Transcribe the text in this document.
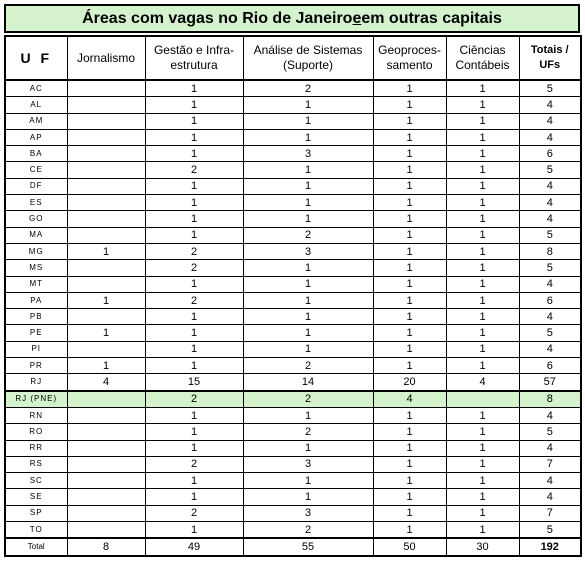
Áreas com vagas no Rio de Janeiro e em outras capitais
U F	Jornalismo	Gestão e Infra-estrutura	Análise de Sistemas (Suporte)	Geoproces- samento	Ciências Contábeis	Totais / UFs
AC		1	2	1	1	5
AL		1	1	1	1	4
AM		1	1	1	1	4
AP		1	1	1	1	4
BA		1	3	1	1	6
CE		2	1	1	1	5
DF		1	1	1	1	4
ES		1	1	1	1	4
GO		1	1	1	1	4
MA		1	2	1	1	5
MG	1	2	3	1	1	8
MS		2	1	1	1	5
MT		1	1	1	1	4
PA	1	2	1	1	1	6
PB		1	1	1	1	4
PE	1	1	1	1	1	5
PI		1	1	1	1	4
PR	1	1	2	1	1	6
RJ	4	15	14	20	4	57
RJ (PNE)		2	2	4		8
RN		1	1	1	1	4
RO		1	2	1	1	5
RR		1	1	1	1	4
RS		2	3	1	1	7
SC		1	1	1	1	4
SE		1	1	1	1	4
SP		2	3	1	1	7
TO		1	2	1	1	5
Total	8	49	55	50	30	192
